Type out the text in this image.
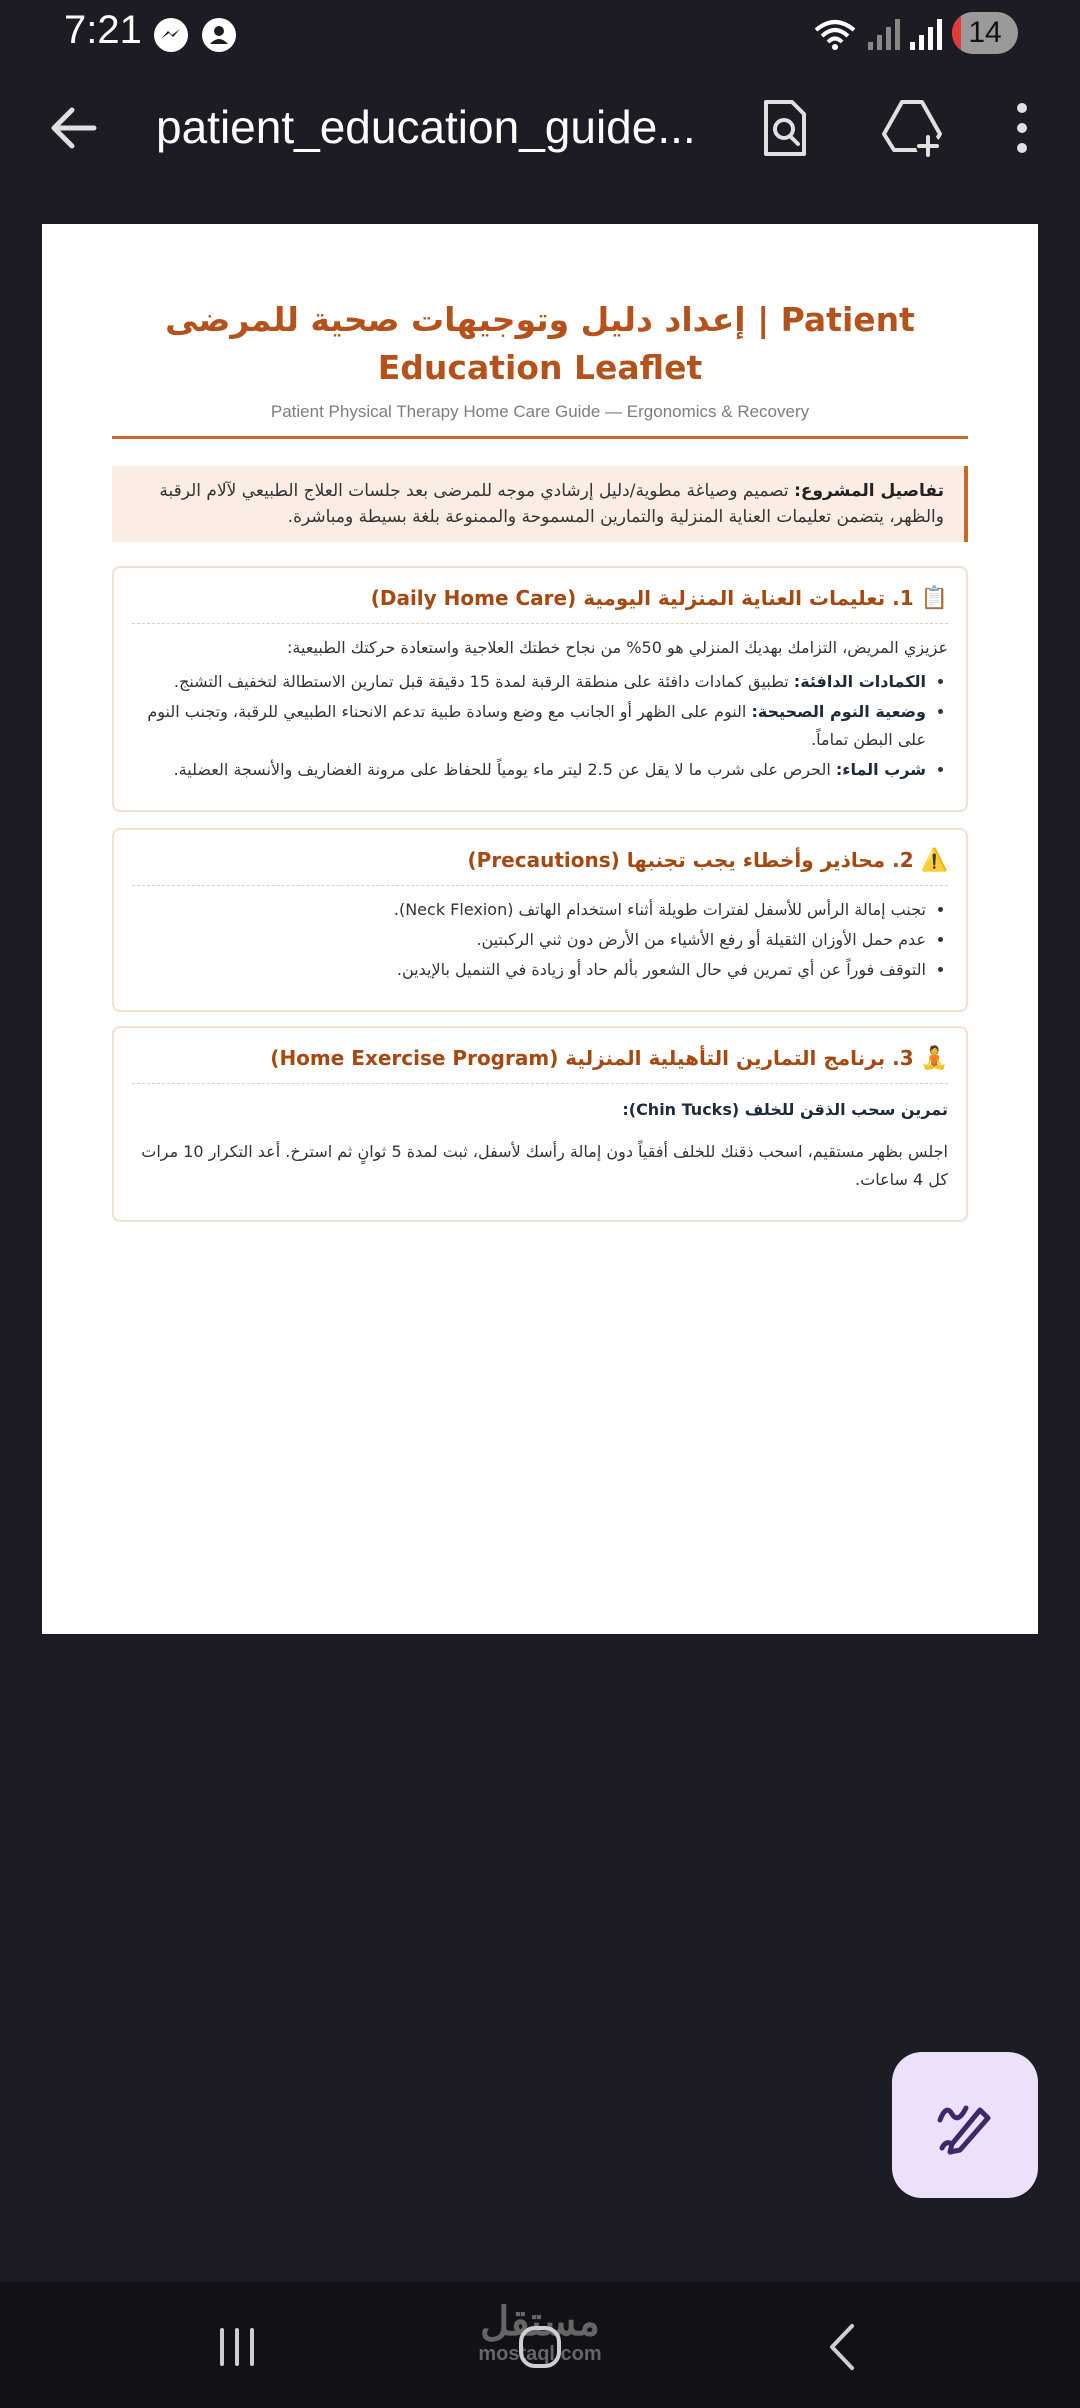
7:21	14
patient_education_guide...
إعداد دليل وتوجيهات صحية للمرضى | Patient Education Leaflet
Patient Physical Therapy Home Care Guide — Ergonomics & Recovery
تفاصيل المشروع: تصميم وصياغة مطوية/دليل إرشادي موجه للمرضى بعد جلسات العلاج الطبيعي لآلام الرقبة والظهر، يتضمن تعليمات العناية المنزلية والتمارين المسموحة والممنوعة بلغة بسيطة ومباشرة.
📋 1. تعليمات العناية المنزلية اليومية (Daily Home Care)
عزيزي المريض، التزامك بهديك المنزلي هو 50% من نجاح خطتك العلاجية واستعادة حركتك الطبيعية:
• الكمادات الدافئة: تطبيق كمادات دافئة على منطقة الرقبة لمدة 15 دقيقة قبل تمارين الاستطالة لتخفيف التشنج.
• وضعية النوم الصحيحة: النوم على الظهر أو الجانب مع وضع وسادة طبية تدعم الانحناء الطبيعي للرقبة، وتجنب النوم على البطن تماماً.
• شرب الماء: الحرص على شرب ما لا يقل عن 2.5 ليتر ماء يومياً للحفاظ على مرونة الغضاريف والأنسجة العضلية.
⚠️ 2. محاذير وأخطاء يجب تجنبها (Precautions)
• تجنب إمالة الرأس للأسفل لفترات طويلة أثناء استخدام الهاتف (Neck Flexion).
• عدم حمل الأوزان الثقيلة أو رفع الأشياء من الأرض دون ثني الركبتين.
• التوقف فوراً عن أي تمرين في حال الشعور بألم حاد أو زيادة في التنميل بالإيدين.
🧘 3. برنامج التمارين التأهيلية المنزلية (Home Exercise Program)
تمرين سحب الذقن للخلف (Chin Tucks):
اجلس بظهر مستقيم، اسحب ذقنك للخلف أفقياً دون إمالة رأسك لأسفل، ثبت لمدة 5 ثوانٍ ثم استرخ. أعد التكرار 10 مرات كل 4 ساعات.
مستقل
mostaql.com
